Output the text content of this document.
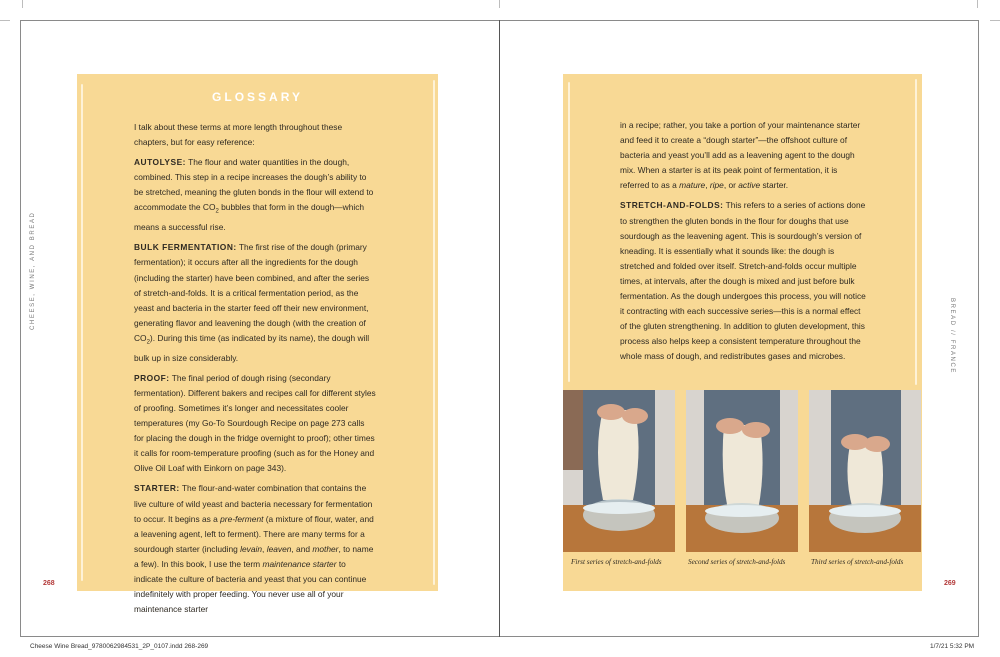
GLOSSARY

I talk about these terms at more length throughout these chapters, but for easy reference:

AUTOLYSE: The flour and water quantities in the dough, combined. This step in a recipe increases the dough’s ability to be stretched, meaning the gluten bonds in the flour will extend to accommodate the $CO_2$ bubbles that form in the dough—which means a successful rise.

BULK FERMENTATION: The first rise of the dough (primary fermentation); it occurs after all the ingredients for the dough (including the starter) have been combined, and after the series of stretch-and-folds. It is a critical fermentation period, as the yeast and bacteria in the starter feed off their new environment, generating flavor and leavening the dough (with the creation of $CO_2$). During this time (as indicated by its name), the dough will bulk up in size considerably.

PROOF: The final period of dough rising (secondary fermentation). Different bakers and recipes call for different styles of proofing. Sometimes it’s longer and necessitates cooler temperatures (my Go-To Sourdough Recipe on page 273 calls for placing the dough in the fridge overnight to proof); other times it calls for room-temperature proofing (such as for the Honey and Olive Oil Loaf with Einkorn on page 343).

STARTER: The flour-and-water combination that contains the live culture of wild yeast and bacteria necessary for fermentation to occur. It begins as a pre-ferment (a mixture of flour, water, and a leavening agent, left to ferment). There are many terms for a sourdough starter (including levain, leaven, and mother, to name a few). In this book, I use the term maintenance starter to indicate the culture of bacteria and yeast that you can continue indefinitely with proper feeding. You never use all of your maintenance starter

in a recipe; rather, you take a portion of your maintenance starter and feed it to create a “dough starter”—the offshoot culture of bacteria and yeast you’ll add as a leavening agent to the dough mix. When a starter is at its peak point of fermentation, it is referred to as a mature, ripe, or active starter.

STRETCH-AND-FOLDS: This refers to a series of actions done to strengthen the gluten bonds in the flour for doughs that use sourdough as the leavening agent. This is sourdough’s version of kneading. It is essentially what it sounds like: the dough is stretched and folded over itself. Stretch-and-folds occur multiple times, at intervals, after the dough is mixed and just before bulk fermentation. As the dough undergoes this process, you will notice it contracting with each successive series—this is a normal effect of the gluten strengthening. In addition to gluten development, this process also helps keep a consistent temperature throughout the whole mass of dough, and redistributes gases and microbes.

First series of stretch-and-folds	Second series of stretch-and-folds	Third series of stretch-and-folds
268	269
CHEESE, WINE, AND BREAD
BREAD // FRANCE
Cheese Wine Bread_9780062984531_2P_0107.indd 268-269	1/7/21 5:32 PM
